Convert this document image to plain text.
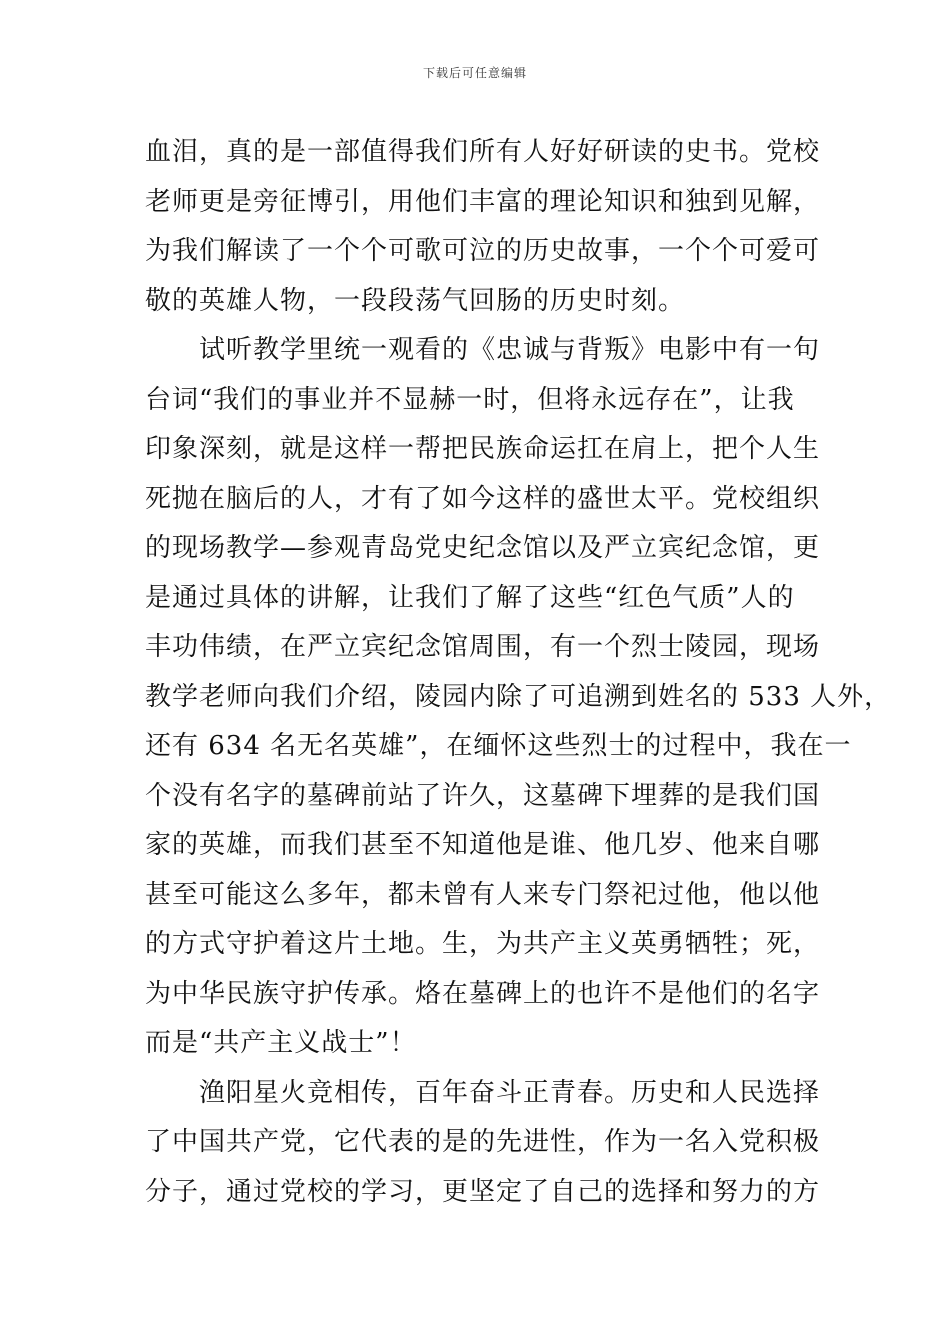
下载后可任意编辑
血泪，真的是一部值得我们所有人好好研读的史书。党校
老师更是旁征博引，用他们丰富的理论知识和独到见解，
为我们解读了一个个可歌可泣的历史故事，一个个可爱可
敬的英雄人物，一段段荡气回肠的历史时刻。
试听教学里统一观看的《忠诚与背叛》电影中有一句
台词“我们的事业并不显赫一时，但将永远存在”，让我
印象深刻，就是这样一帮把民族命运扛在肩上，把个人生
死抛在脑后的人，才有了如今这样的盛世太平。党校组织
的现场教学—参观青岛党史纪念馆以及严立宾纪念馆，更
是通过具体的讲解，让我们了解了这些“红色气质”人的
丰功伟绩，在严立宾纪念馆周围，有一个烈士陵园，现场
教学老师向我们介绍，陵园内除了可追溯到姓名的 533 人外，
还有 634 名无名英雄”，在缅怀这些烈士的过程中，我在一
个没有名字的墓碑前站了许久，这墓碑下埋葬的是我们国
家的英雄，而我们甚至不知道他是谁、他几岁、他来自哪
甚至可能这么多年，都未曾有人来专门祭祀过他，他以他
的方式守护着这片土地。生，为共产主义英勇牺牲；死，
为中华民族守护传承。烙在墓碑上的也许不是他们的名字
而是“共产主义战士”！
渔阳星火竞相传，百年奋斗正青春。历史和人民选择
了中国共产党，它代表的是的先进性，作为一名入党积极
分子，通过党校的学习，更坚定了自己的选择和努力的方
